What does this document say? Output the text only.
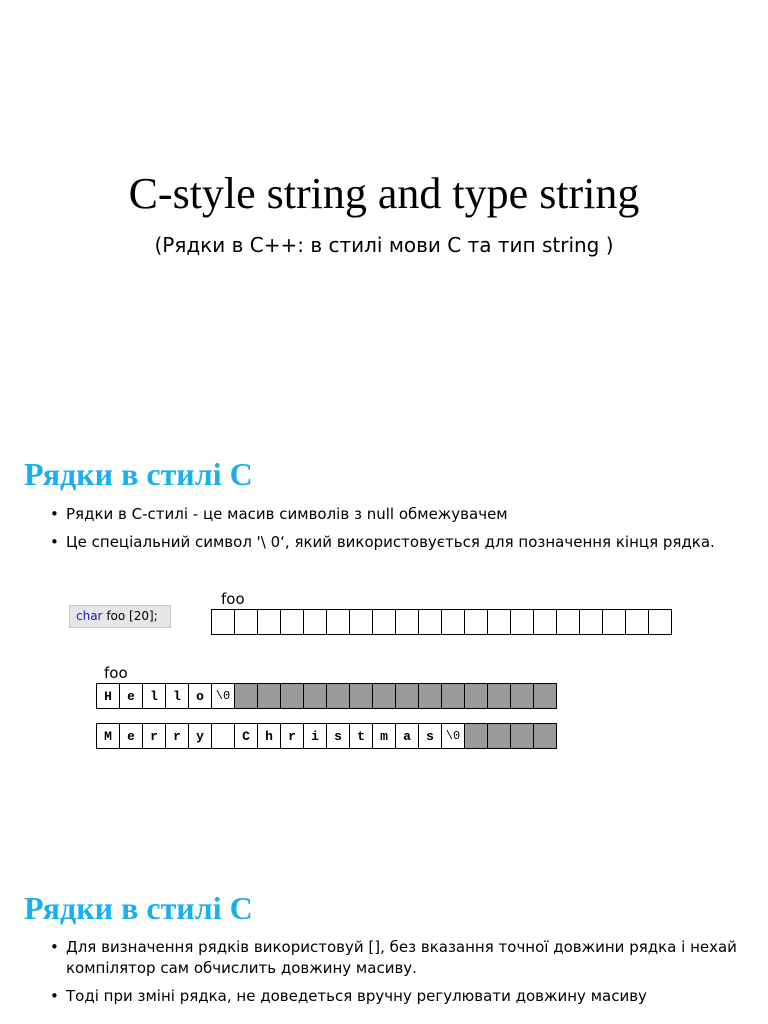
C-style string and type string
(Рядки в С++: в стилі мови С та тип string )
Рядки в стилі С
• Рядки в C-стилі - це масив символів з null обмежувачем
• Це спеціальний символ '\ 0‘, який використовується для позначення кінця рядка.
char foo [20];
foo
foo
H	e	l	l	o \0
M	e	r	r	y	C	h	r	i	s	t	m	a	s \0
Рядки в стилі С
• Для визначення рядків використовуй [], без вказання точної довжини рядка і нехай компілятор сам обчислить довжину масиву.
• Тоді при зміні рядка, не доведеться вручну регулювати довжину масиву
